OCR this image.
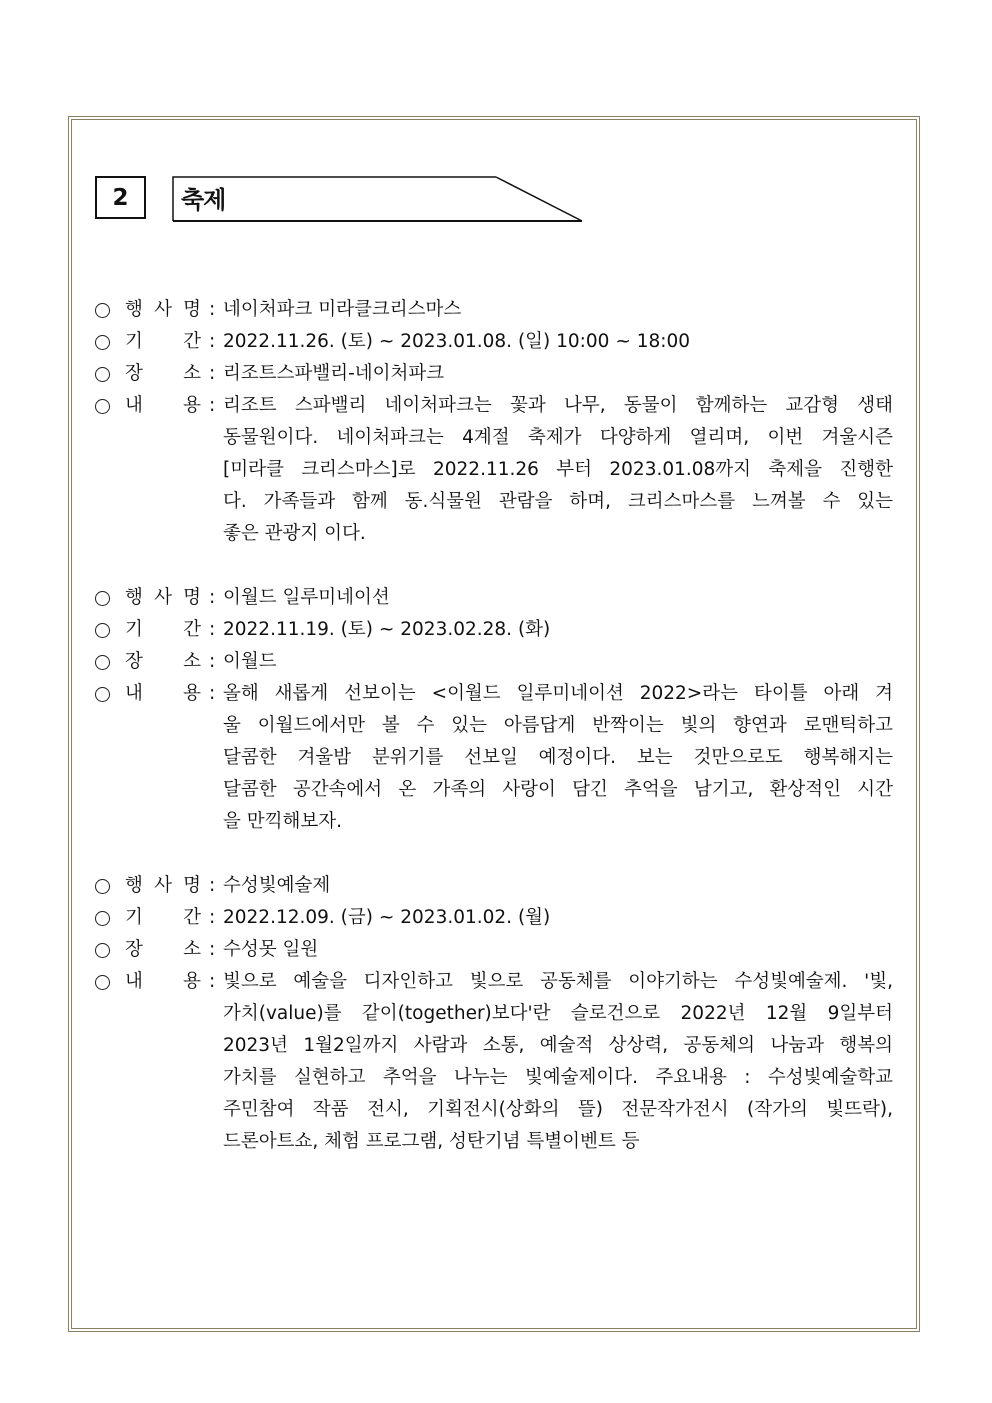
2 축제
행 사 명 : 네이처파크 미라클크리스마스
기 간 : 2022.11.26. (토) ~ 2023.01.08. (일) 10:00 ~ 18:00
장 소 : 리조트스파밸리-네이처파크
내 용 : 리조트 스파밸리 네이처파크는 꽃과 나무, 동물이 함께하는 교감형 생태
동물원이다. 네이처파크는 4계절 축제가 다양하게 열리며, 이번 겨울시즌
[미라클 크리스마스]로 2022.11.26 부터 2023.01.08까지 축제을 진행한
다. 가족들과 함께 동.식물원 관람을 하며, 크리스마스를 느껴볼 수 있는
좋은 관광지 이다.
행 사 명 : 이월드 일루미네이션
기 간 : 2022.11.19. (토) ~ 2023.02.28. (화)
장 소 : 이월드
내 용 : 올해 새롭게 선보이는 <이월드 일루미네이션 2022>라는 타이틀 아래 겨
울 이월드에서만 볼 수 있는 아름답게 반짝이는 빛의 향연과 로맨틱하고
달콤한 겨울밤 분위기를 선보일 예정이다. 보는 것만으로도 행복해지는
달콤한 공간속에서 온 가족의 사랑이 담긴 추억을 남기고, 환상적인 시간
을 만끽해보자.
행 사 명 : 수성빛예술제
기 간 : 2022.12.09. (금) ~ 2023.01.02. (월)
장 소 : 수성못 일원
내 용 : 빛으로 예술을 디자인하고 빛으로 공동체를 이야기하는 수성빛예술제. '빛,
가치(value)를 같이(together)보다'란 슬로건으로 2022년 12월 9일부터
2023년 1월2일까지 사람과 소통, 예술적 상상력, 공동체의 나눔과 행복의
가치를 실현하고 추억을 나누는 빛예술제이다. 주요내용 : 수성빛예술학교
주민참여 작품 전시, 기획전시(상화의 뜰) 전문작가전시 (작가의 빛뜨락),
드론아트쇼, 체험 프로그램, 성탄기념 특별이벤트 등
